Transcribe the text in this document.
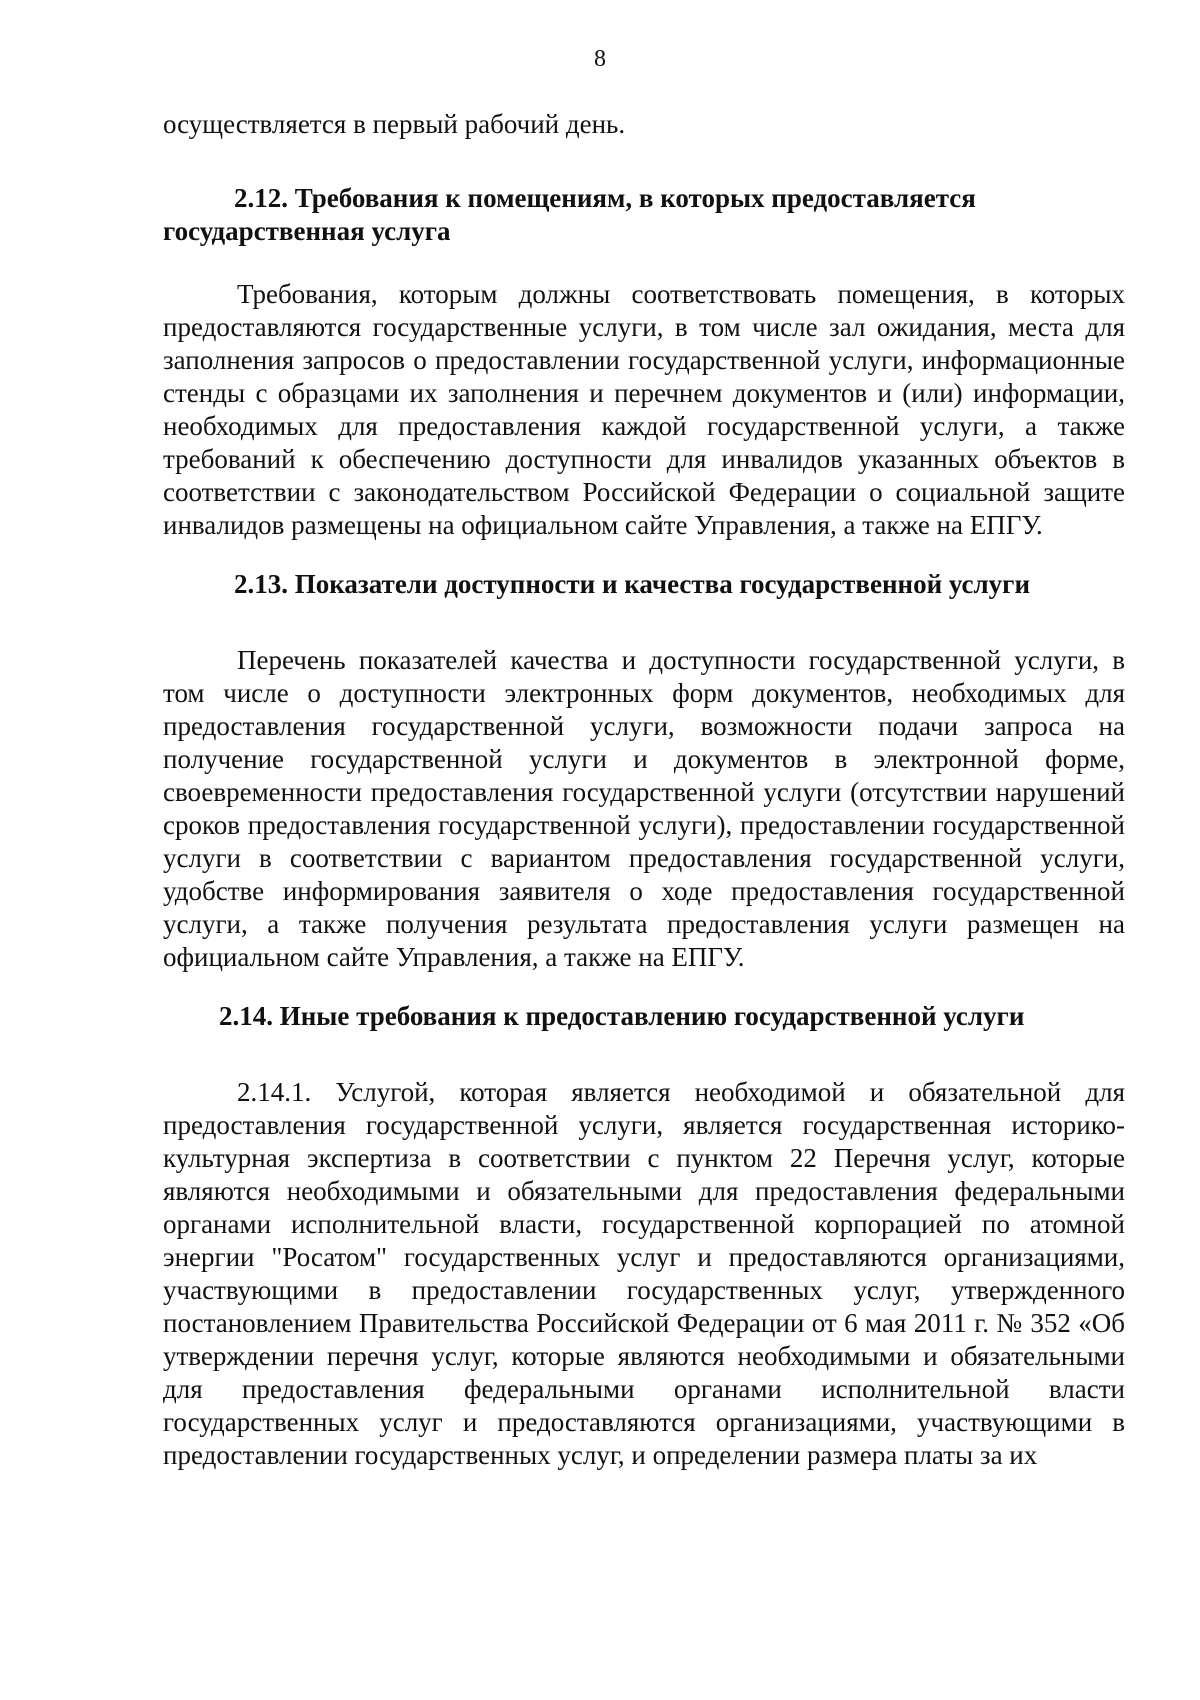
8

осуществляется в первый рабочий день.

2.12. Требования к помещениям, в которых предоставляется государственная услуга

Требования, которым должны соответствовать помещения, в которых предоставляются государственные услуги, в том числе зал ожидания, места для заполнения запросов о предоставлении государственной услуги, информационные стенды с образцами их заполнения и перечнем документов и (или) информации, необходимых для предоставления каждой государственной услуги, а также требований к обеспечению доступности для инвалидов указанных объектов в соответствии с законодательством Российской Федерации о социальной защите инвалидов размещены на официальном сайте Управления, а также на ЕПГУ.

2.13. Показатели доступности и качества государственной услуги

Перечень показателей качества и доступности государственной услуги, в том числе о доступности электронных форм документов, необходимых для предоставления государственной услуги, возможности подачи запроса на получение государственной услуги и документов в электронной форме, своевременности предоставления государственной услуги (отсутствии нарушений сроков предоставления государственной услуги), предоставлении государственной услуги в соответствии с вариантом предоставления государственной услуги, удобстве информирования заявителя о ходе предоставления государственной услуги, а также получения результата предоставления услуги размещен на официальном сайте Управления, а также на ЕПГУ.

2.14. Иные требования к предоставлению государственной услуги

2.14.1. Услугой, которая является необходимой и обязательной для предоставления государственной услуги, является государственная историко-культурная экспертиза в соответствии с пунктом 22 Перечня услуг, которые являются необходимыми и обязательными для предоставления федеральными органами исполнительной власти, государственной корпорацией по атомной энергии "Росатом" государственных услуг и предоставляются организациями, участвующими в предоставлении государственных услуг, утвержденного постановлением Правительства Российской Федерации от 6 мая 2011 г. № 352 «Об утверждении перечня услуг, которые являются необходимыми и обязательными для предоставления федеральными органами исполнительной власти государственных услуг и предоставляются организациями, участвующими в предоставлении государственных услуг, и определении размера платы за их
